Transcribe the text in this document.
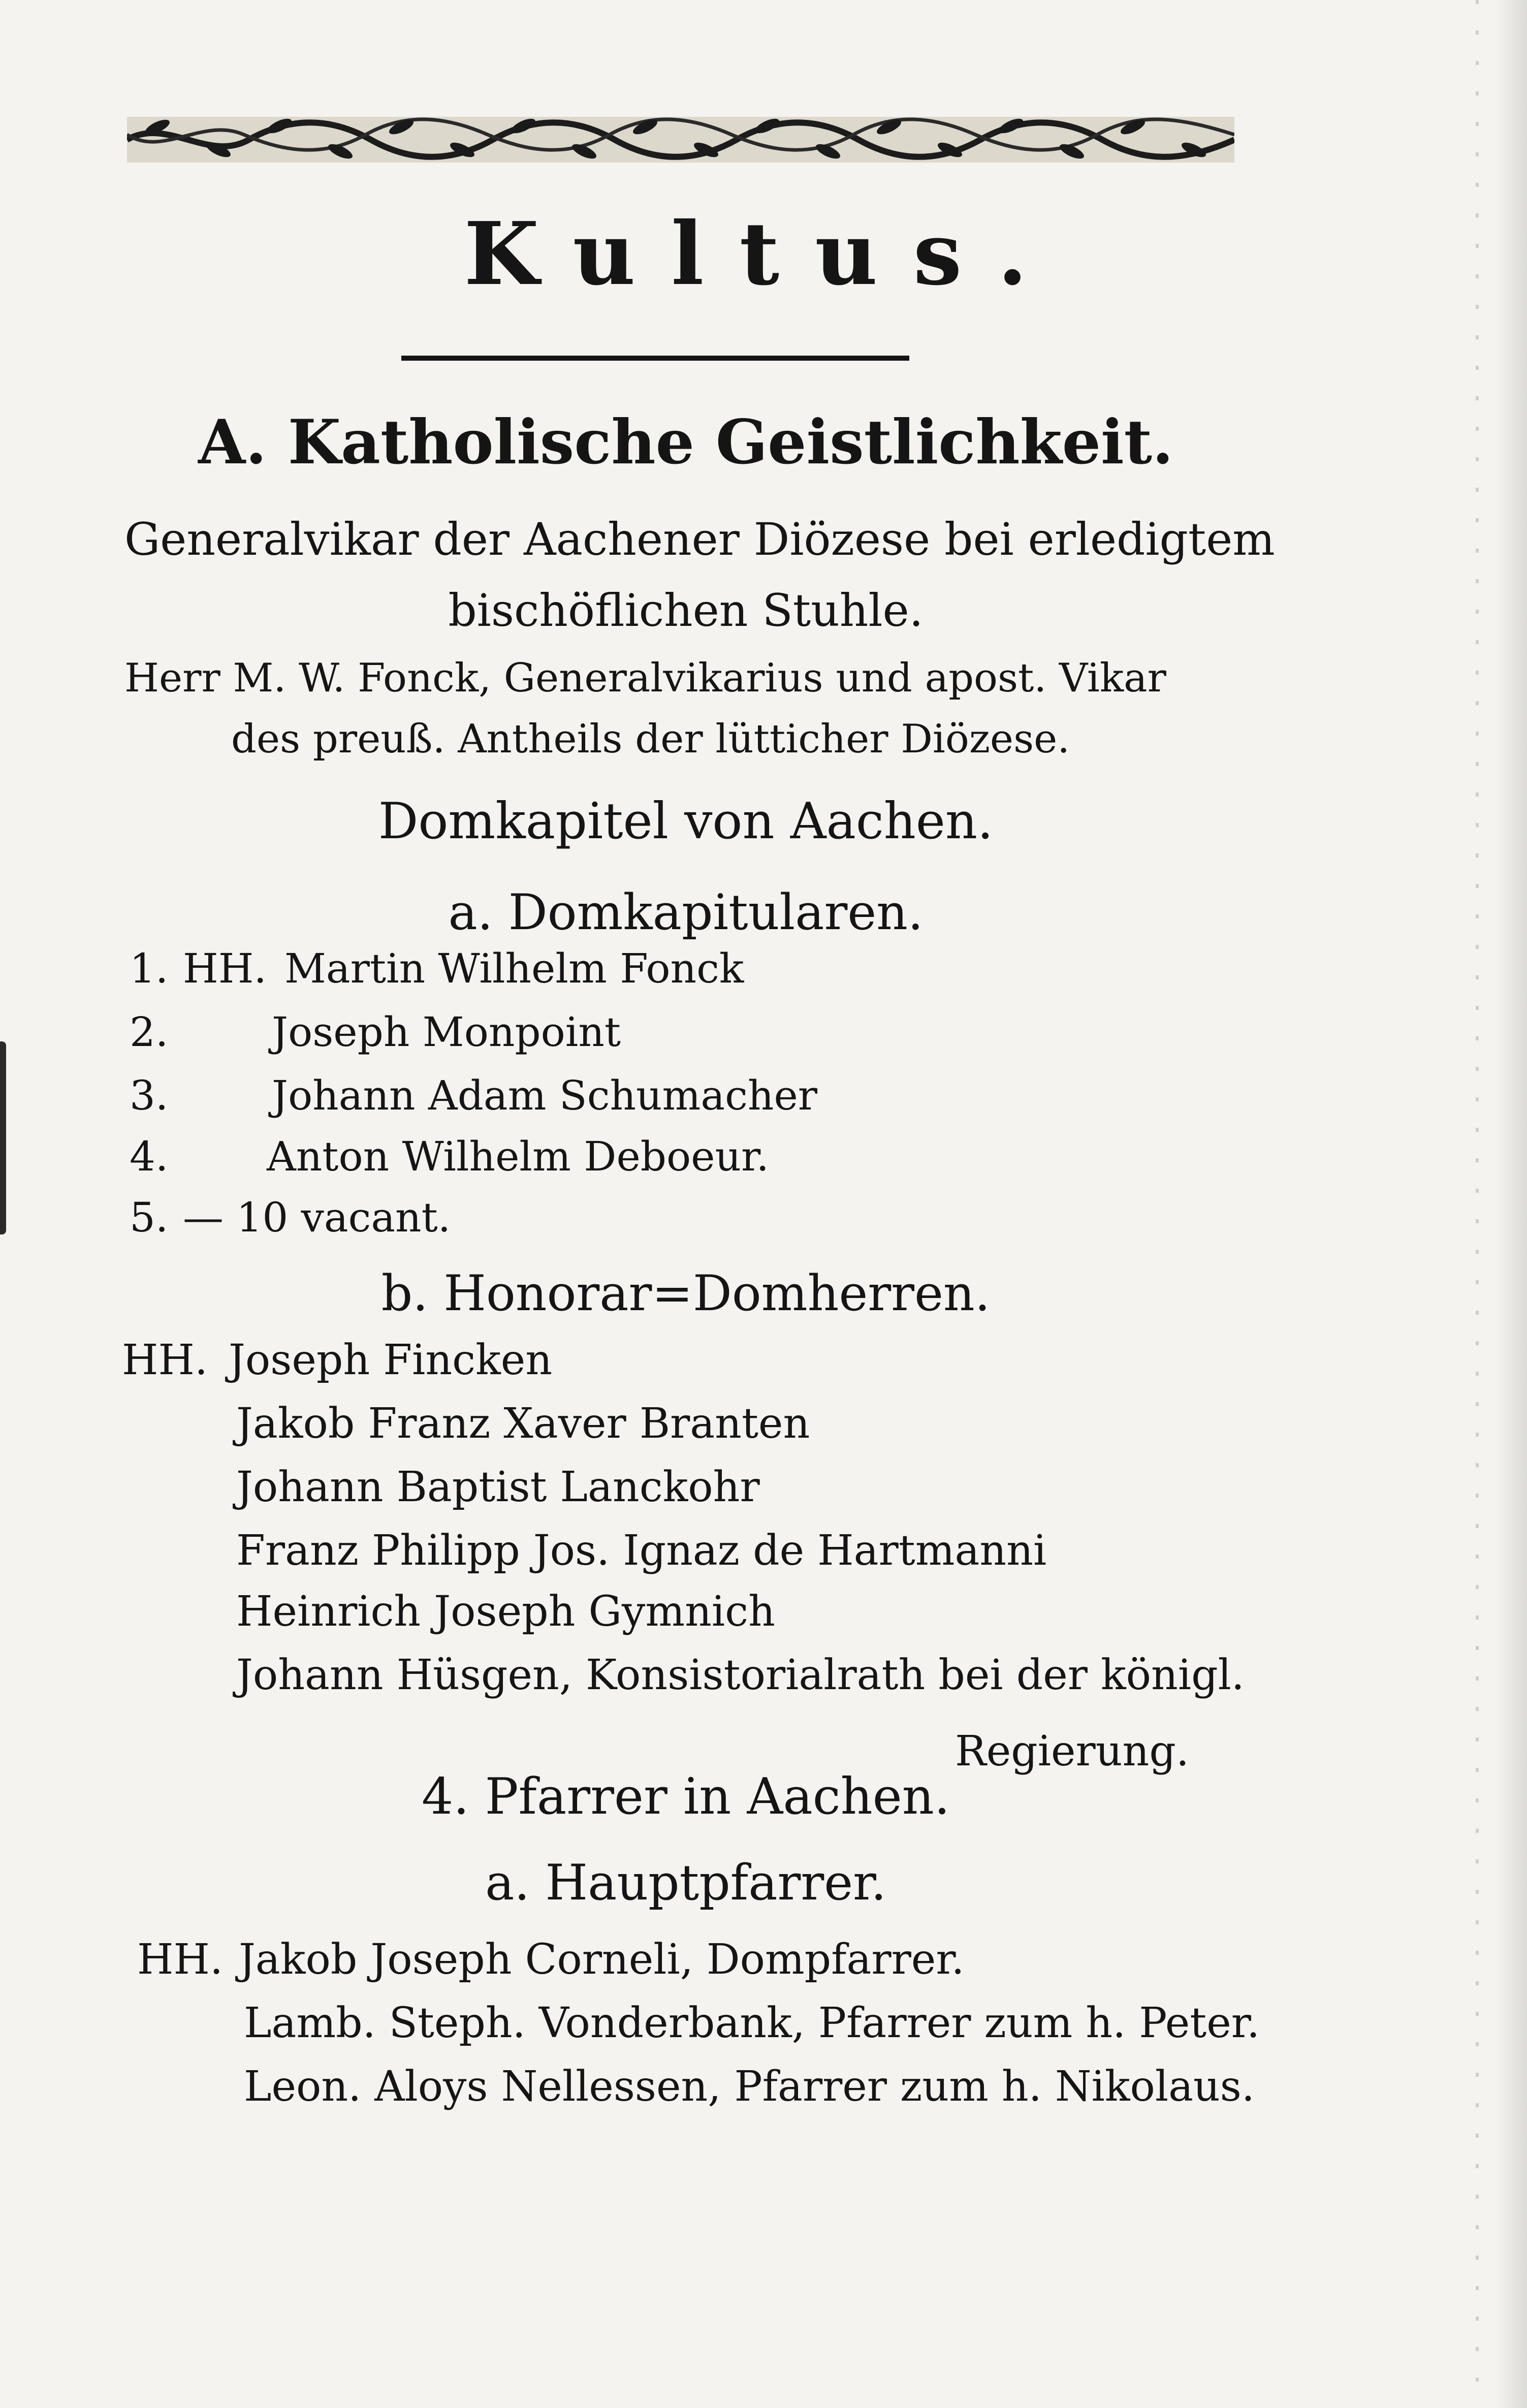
Kultus.
A. Katholische Geistlichkeit.
Generalvikar der Aachener Diözese bei erledigtem
bischöflichen Stuhle.
Herr M. W. Fonck, Generalvikarius und apost. Vikar
des preuß. Antheils der lütticher Diözese.
Domkapitel von Aachen.
a. Domkapitularen.
1. HH. Martin Wilhelm Fonck
2.	Joseph Monpoint
3.	Johann Adam Schumacher
4. Anton Wilhelm Deboeur.
5. — 10 vacant.
b. Honorar=Domherren.
HH. Joseph Fincken
Jakob Franz Xaver Branten
Johann Baptist Lanckohr
Franz Philipp Jos. Ignaz de Hartmanni
Heinrich Joseph Gymnich
Johann Hüsgen, Konsistorialrath bei der königl.
Regierung.
4. Pfarrer in Aachen.
a. Hauptpfarrer.
HH. Jakob Joseph Corneli, Dompfarrer.
Lamb. Steph. Vonderbank, Pfarrer zum h. Peter.
Leon. Aloys Nellessen, Pfarrer zum h. Nikolaus.
